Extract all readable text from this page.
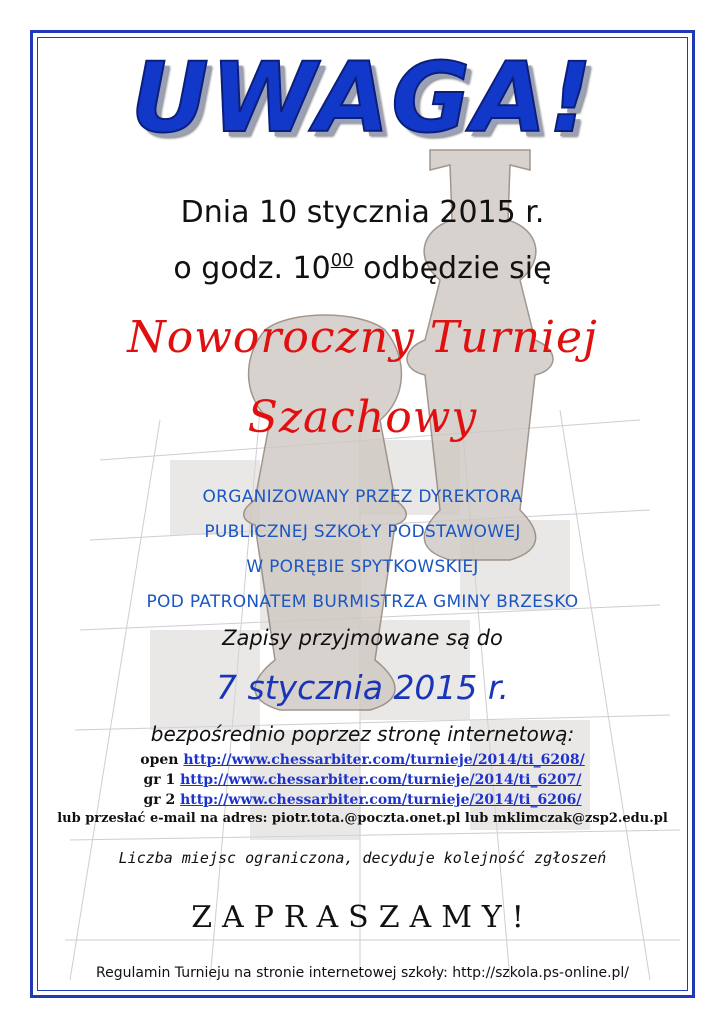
UWAGA!
Dnia 10 stycznia 2015 r.
o godz. $10^{00}$ odbędzie się
Noworoczny Turniej
Szachowy
ORGANIZOWANY PRZEZ DYREKTORA
PUBLICZNEJ SZKOŁY PODSTAWOWEJ
W PORĘBIE SPYTKOWSKIEJ
POD PATRONATEM BURMISTRZA GMINY BRZESKO
Zapisy przyjmowane są do
7 stycznia 2015 r.
bezpośrednio poprzez stronę internetową:
open http://www.chessarbiter.com/turnieje/2014/ti_6208/
gr 1 http://www.chessarbiter.com/turnieje/2014/ti_6207/
gr 2 http://www.chessarbiter.com/turnieje/2014/ti_6206/
lub przesłać e-mail na adres: piotr.tota.@poczta.onet.pl lub mklimczak@zsp2.edu.pl
Liczba miejsc ograniczona, decyduje kolejność zgłoszeń
ZAPRASZAMY!
Regulamin Turnieju na stronie internetowej szkoły: http://szkola.ps-online.pl/
